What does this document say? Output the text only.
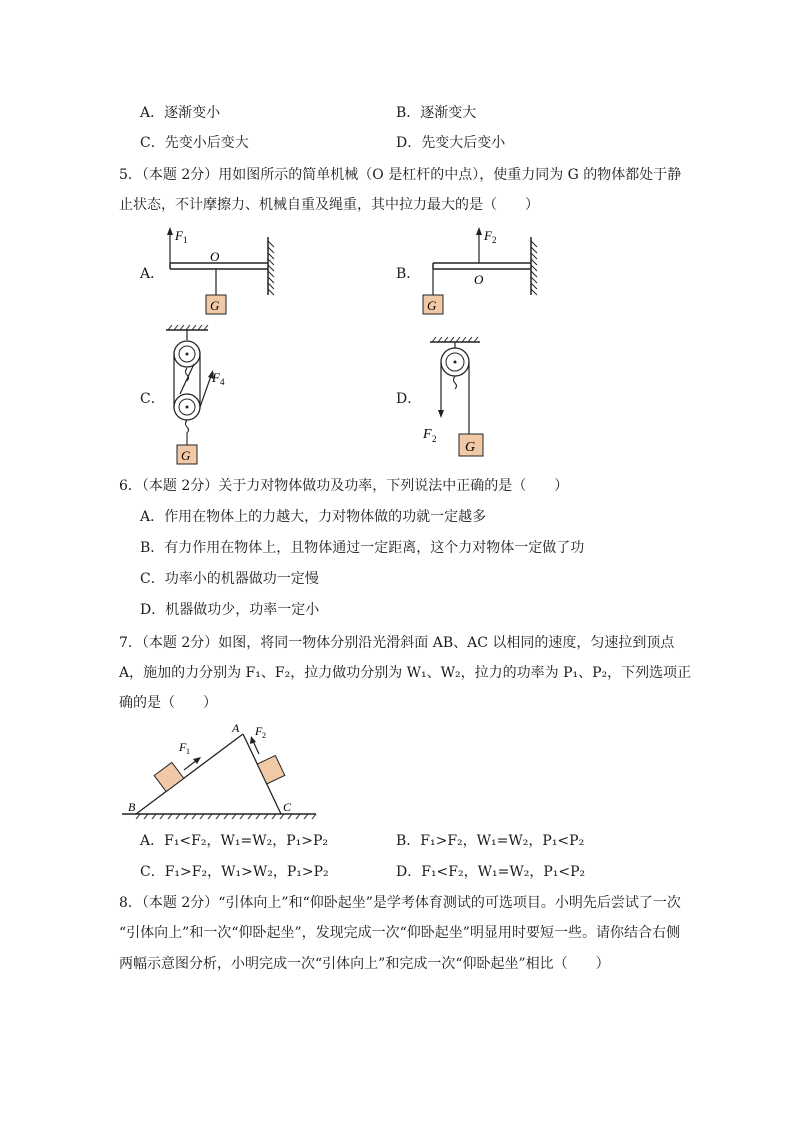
A．逐渐变小	B．逐渐变大
C．先变小后变大	D．先变大后变小
5．（本题 2分）用如图所示的简单机械（O 是杠杆的中点），使重力同为 G 的物体都处于静
止状态，不计摩擦力、机械自重及绳重，其中拉力最大的是（　　）
A．
F 1
O
G
B．
F 2
O
G
C．
F 4
G
D．
F 2
G
6．（本题 2分）关于力对物体做功及功率，下列说法中正确的是（　　）
A．作用在物体上的力越大，力对物体做的功就一定越多
B．有力作用在物体上，且物体通过一定距离，这个力对物体一定做了功
C．功率小的机器做功一定慢
D．机器做功少，功率一定小
7．（本题 2分）如图，将同一物体分别沿光滑斜面 AB、AC 以相同的速度，匀速拉到顶点
A，施加的力分别为 F₁、F₂，拉力做功分别为 W₁、W₂，拉力的功率为 P₁、P₂，下列选项正
确的是（　　）
A
B	C
F 1
F 2
A．F₁<F₂，W₁=W₂，P₁>P₂	B．F₁>F₂，W₁=W₂，P₁<P₂
C．F₁>F₂，W₁>W₂，P₁>P₂	D．F₁<F₂，W₁=W₂，P₁<P₂
8．（本题 2分）“引体向上”和“仰卧起坐”是学考体育测试的可选项目。小明先后尝试了一次
“引体向上”和一次“仰卧起坐”，发现完成一次“仰卧起坐”明显用时要短一些。请你结合右侧
两幅示意图分析，小明完成一次“引体向上”和完成一次“仰卧起坐”相比（　　）
